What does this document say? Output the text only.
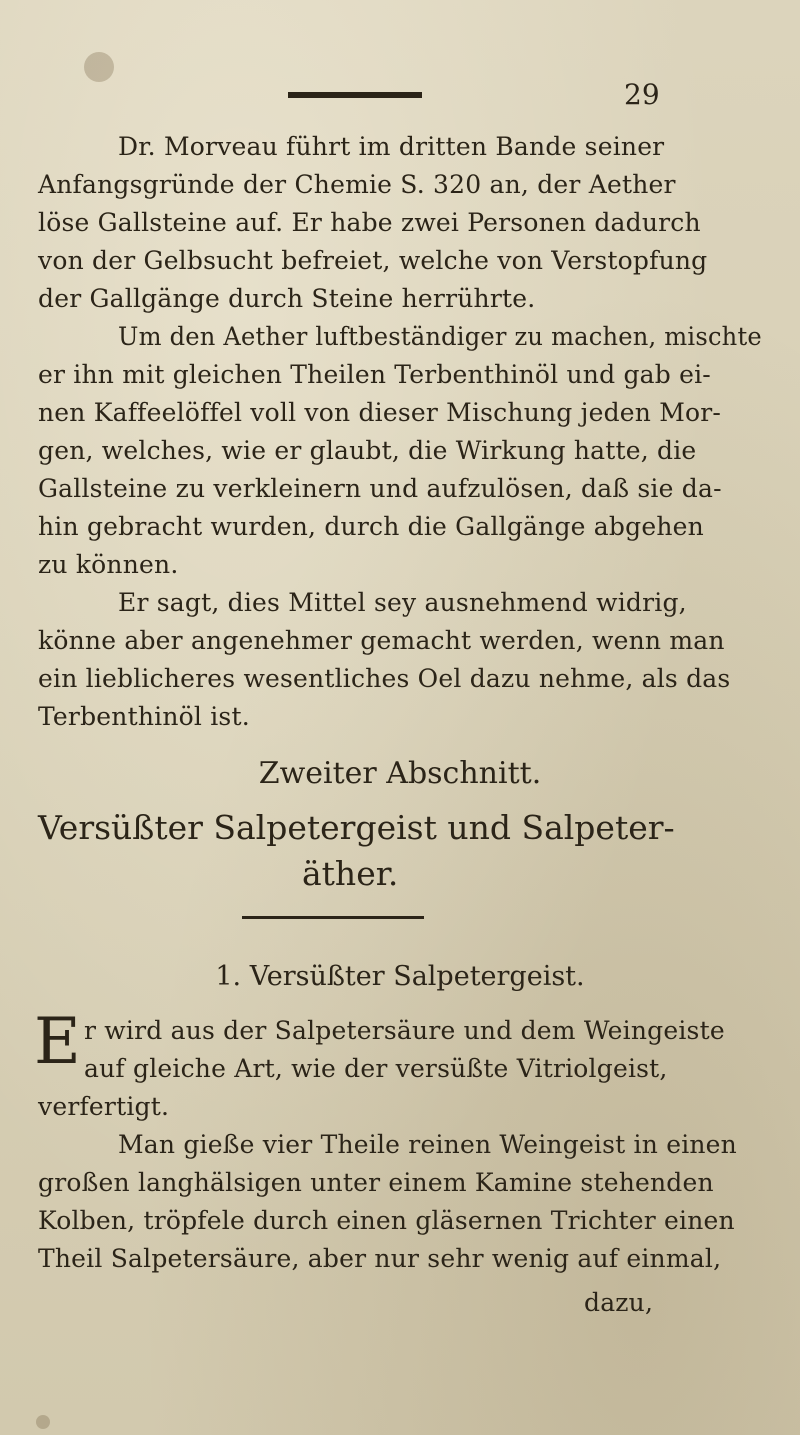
29
Dr. Morveau führt im dritten Bande seiner
Anfangsgründe der Chemie S. 320 an, der Aether
löse Gallsteine auf. Er habe zwei Personen dadurch
von der Gelbsucht befreiet, welche von Verstopfung
der Gallgänge durch Steine herrührte.
Um den Aether luftbeständiger zu machen, mischte
er ihn mit gleichen Theilen Terbenthinöl und gab ei-
nen Kaffeelöffel voll von dieser Mischung jeden Mor-
gen, welches, wie er glaubt, die Wirkung hatte, die
Gallsteine zu verkleinern und aufzulösen, daß sie da-
hin gebracht wurden, durch die Gallgänge abgehen
zu können.
Er sagt, dies Mittel sey ausnehmend widrig,
könne aber angenehmer gemacht werden, wenn man
ein lieblicheres wesentliches Oel dazu nehme, als das
Terbenthinöl ist.
Zweiter Abschnitt.
Versüßter Salpetergeist und Salpeter-
äther.
1. Versüßter Salpetergeist.
E r wird aus der Salpetersäure und dem Weingeiste
auf gleiche Art, wie der versüßte Vitriolgeist,
verfertigt.
Man gieße vier Theile reinen Weingeist in einen
großen langhälsigen unter einem Kamine stehenden
Kolben, tröpfele durch einen gläsernen Trichter einen
Theil Salpetersäure, aber nur sehr wenig auf einmal,
dazu,
